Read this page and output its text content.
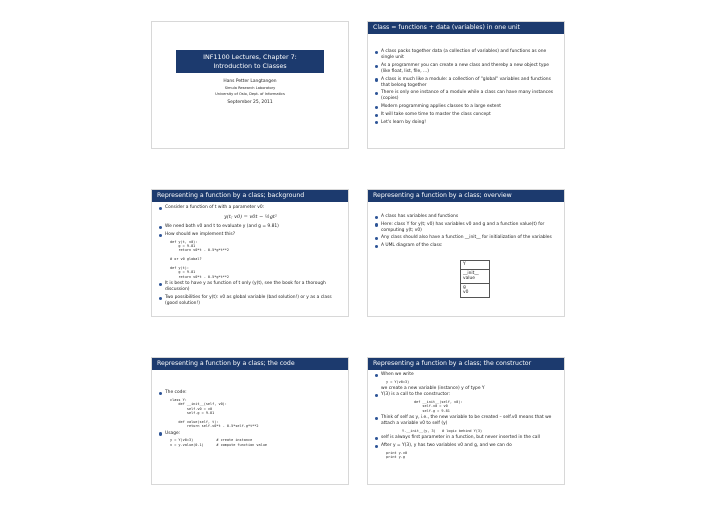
INF1100 Lectures, Chapter 7:
Introduction to Classes
Hans Petter Langtangen
Simula Research Laboratory
University of Oslo, Dept. of Informatics
September 25, 2011
Class = functions + data (variables) in one unit
A class packs together data (a collection of variables) and functions as one single unit
As a programmer you can create a new class and thereby a new object type (like float, list, file, ...)
A class is much like a module: a collection of "global" variables and functions that belong together
There is only one instance of a module while a class can have many instances (copies)
Modern programming applies classes to a large extent
It will take some time to master the class concept
Let's learn by doing!
Representing a function by a class; background
Consider a function of t with a parameter v0:
y(t; v0) = v0t − ½gt²
We need both v0 and t to evaluate y (and g = 9.81)
How should we implement this?
def y(t, v0):
g = 9.81
return v0*t - 0.5*g*t**2

# or v0 global?

def y(t):
g = 9.81
return v0*t - 0.5*g*t**2
It is best to have y as function of t only (y(t), see the book for a thorough discussion)
Two possibilities for y(t): v0 as global variable (bad solution!) or y as a class (good solution!)
Representing a function by a class; overview
A class has variables and functions
Here: class Y for y(t; v0) has variables v0 and g and a function value(t) for computing y(t; v0)
Any class should also have a function __init__ for initialization of the variables
A UML diagram of the class:
Y
__init__
value
g
v0
Representing a function by a class; the code
The code:
class Y:
def __init__(self, v0):
self.v0 = v0
self.g = 9.81

def value(self, t):
return self.v0*t - 0.5*self.g*t**2
Usage:
y = Y(v0=3)           # create instance
v = y.value(0.1)      # compute function value
Representing a function by a class; the constructor
When we write
y = Y(v0=3)
we create a new variable (instance) y of type Y
Y(3) is a call to the constructor:
def __init__(self, v0):
self.v0 = v0
self.g = 9.81
Think of self as y, i.e., the new variable to be created – self.v0 means that we attach a variable v0 to self (y)
Y.__init__(y, 3)   # logic behind Y(3)
self is always first parameter in a function, but never inserted in the call
After y = Y(3), y has two variables v0 and g, and we can do
print y.v0
print y.g
